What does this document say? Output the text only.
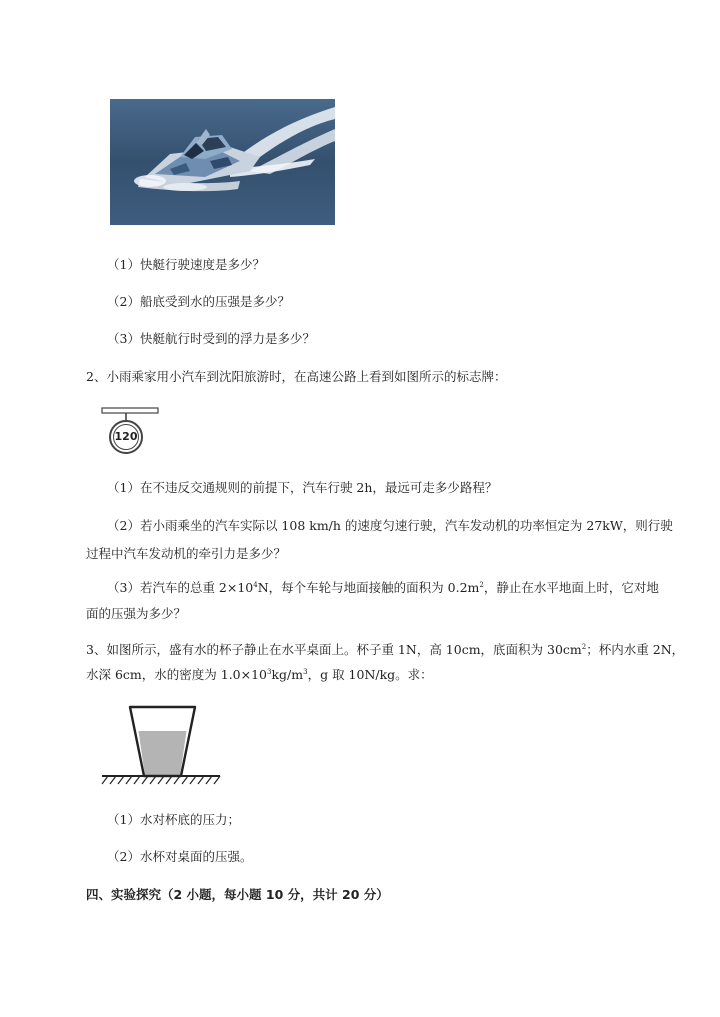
（1）快艇行驶速度是多少？
（2）船底受到水的压强是多少？
（3）快艇航行时受到的浮力是多少？
2、小雨乘家用小汽车到沈阳旅游时，在高速公路上看到如图所示的标志牌：
120
（1）在不违反交通规则的前提下，汽车行驶 2h，最远可走多少路程？
（2）若小雨乘坐的汽车实际以 108 km/h 的速度匀速行驶，汽车发动机的功率恒定为 27kW，则行驶
过程中汽车发动机的牵引力是多少？
（3）若汽车的总重 $2\times 10^4N$，每个车轮与地面接触的面积为 $0.2m^2$，静止在水平地面上时，它对地
面的压强为多少？
3、如图所示，盛有水的杯子静止在水平桌面上。杯子重 1N，高 10cm，底面积为 $30cm^2$；杯内水重 2N，
水深 6cm，水的密度为 $1.0\times 10^3kg/m^3$，g 取 10N/kg。求：
（1）水对杯底的压力；
（2）水杯对桌面的压强。
四、实验探究（2 小题，每小题 10 分，共计 20 分）
